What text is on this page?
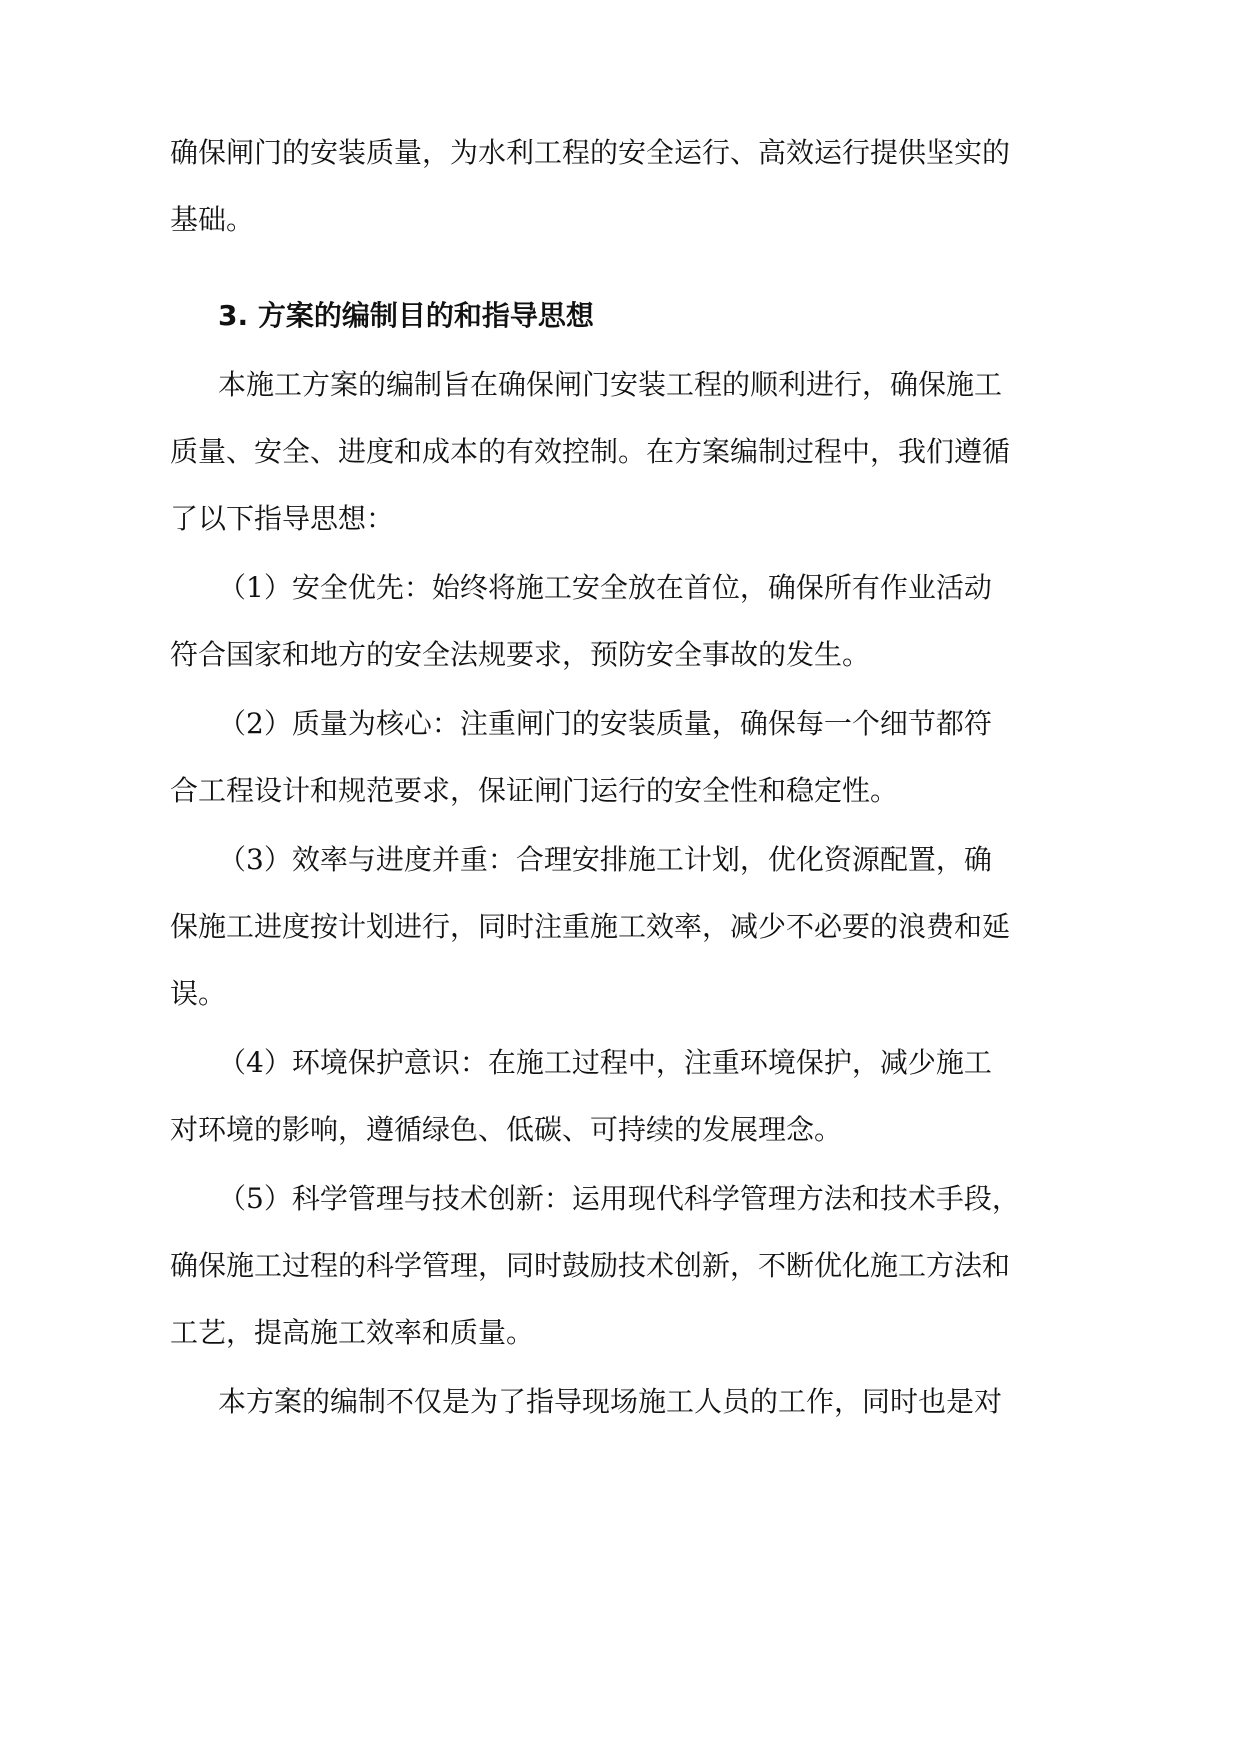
确保闸门的安装质量，为水利工程的安全运行、高效运行提供坚实的
基础。
3. 方案的编制目的和指导思想
本施工方案的编制旨在确保闸门安装工程的顺利进行，确保施工
质量、安全、进度和成本的有效控制。在方案编制过程中，我们遵循
了以下指导思想：
（1）安全优先：始终将施工安全放在首位，确保所有作业活动
符合国家和地方的安全法规要求，预防安全事故的发生。
（2）质量为核心：注重闸门的安装质量，确保每一个细节都符
合工程设计和规范要求，保证闸门运行的安全性和稳定性。
（3）效率与进度并重：合理安排施工计划，优化资源配置，确
保施工进度按计划进行，同时注重施工效率，减少不必要的浪费和延
误。
（4）环境保护意识：在施工过程中，注重环境保护，减少施工
对环境的影响，遵循绿色、低碳、可持续的发展理念。
（5）科学管理与技术创新：运用现代科学管理方法和技术手段，
确保施工过程的科学管理，同时鼓励技术创新，不断优化施工方法和
工艺，提高施工效率和质量。
本方案的编制不仅是为了指导现场施工人员的工作，同时也是对
